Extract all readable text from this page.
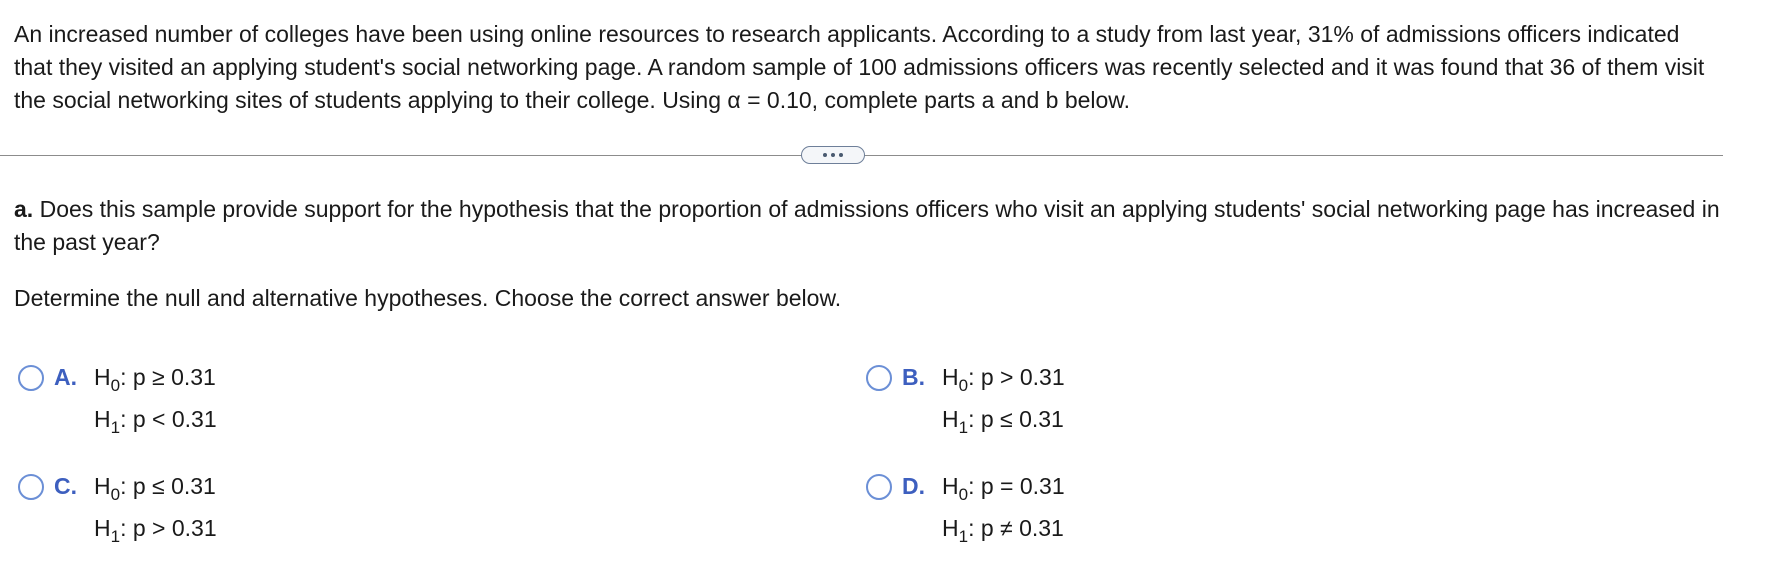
An increased number of colleges have been using online resources to research applicants. According to a study from last year, 31% of admissions officers indicated that they visited an applying student's social networking page. A random sample of 100 admissions officers was recently selected and it was found that 36 of them visit the social networking sites of students applying to their college. Using α = 0.10, complete parts a and b below.
a. Does this sample provide support for the hypothesis that the proportion of admissions officers who visit an applying students' social networking page has increased in the past year?
Determine the null and alternative hypotheses. Choose the correct answer below.
A. $H_0$: p ≥ 0.31
$H_1$: p < 0.31
B. $H_0$: p > 0.31
$H_1$: p ≤ 0.31
C. $H_0$: p ≤ 0.31
$H_1$: p > 0.31
D. $H_0$: p = 0.31
$H_1$: p ≠ 0.31
